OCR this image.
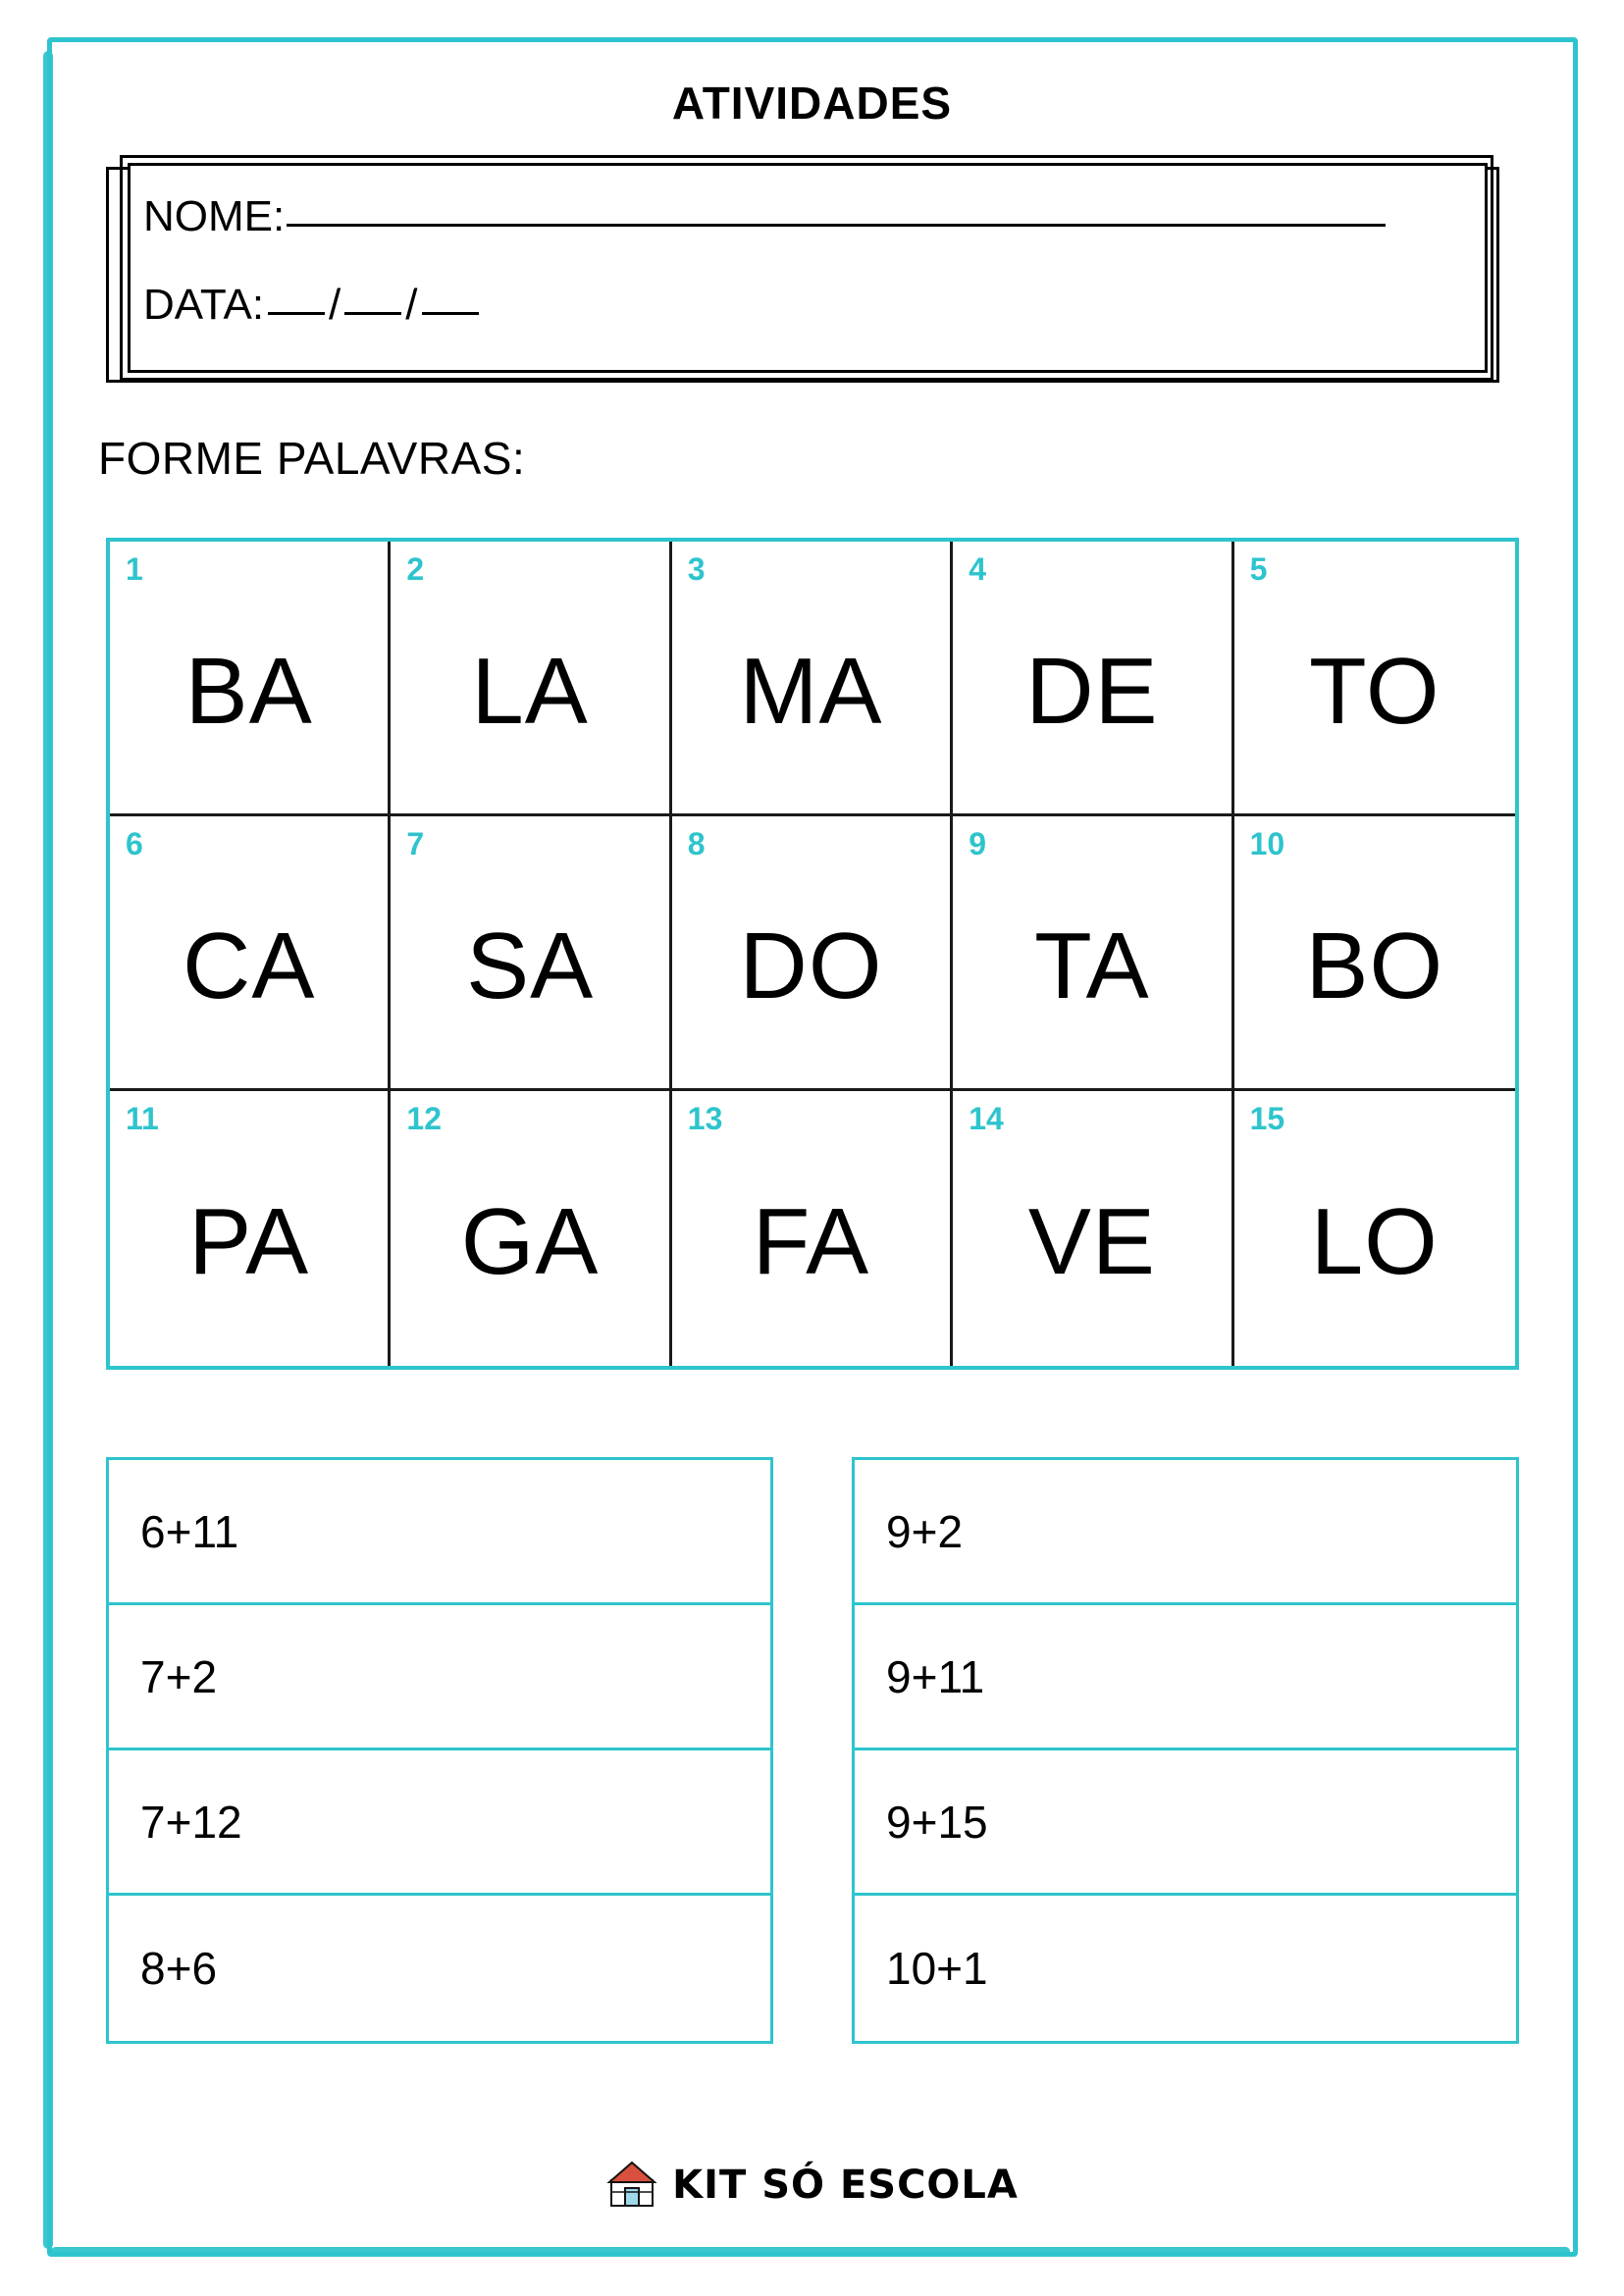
ATIVIDADES
NOME:
DATA: / /
FORME PALAVRAS:
1
BA
2
LA
3
MA
4
DE
5
TO
6
CA
7
SA
8
DO
9
TA
10
BO
11
PA
12
GA
13
FA
14
VE
15
LO
6+11
7+2
7+12
8+6
9+2
9+11
9+15
10+1
KIT SÓ ESCOLA
